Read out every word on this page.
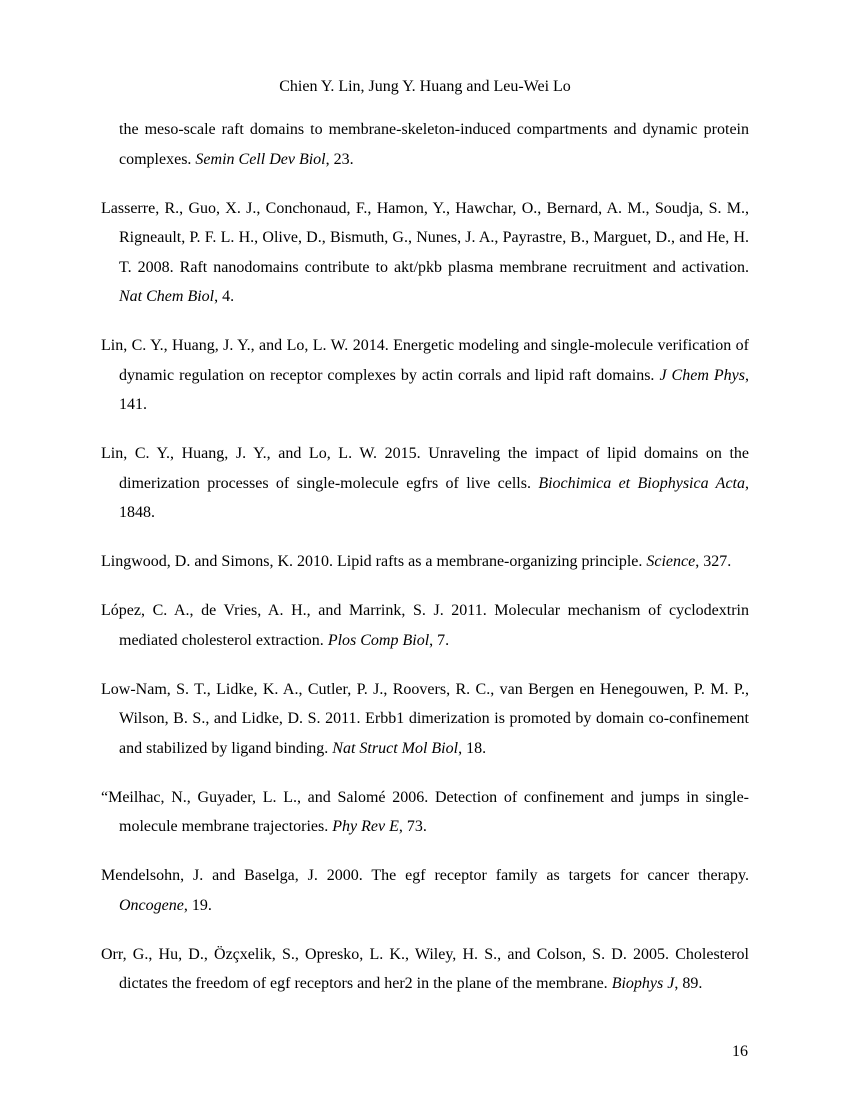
Chien Y. Lin, Jung Y. Huang and Leu-Wei Lo

the meso-scale raft domains to membrane-skeleton-induced compartments and dynamic protein complexes. Semin Cell Dev Biol, 23.

Lasserre, R., Guo, X. J., Conchonaud, F., Hamon, Y., Hawchar, O., Bernard, A. M., Soudja, S. M., Rigneault, P. F. L. H., Olive, D., Bismuth, G., Nunes, J. A., Payrastre, B., Marguet, D., and He, H. T. 2008. Raft nanodomains contribute to akt/pkb plasma membrane recruitment and activation. Nat Chem Biol, 4.

Lin, C. Y., Huang, J. Y., and Lo, L. W. 2014. Energetic modeling and single-molecule verification of dynamic regulation on receptor complexes by actin corrals and lipid raft domains. J Chem Phys, 141.

Lin, C. Y., Huang, J. Y., and Lo, L. W. 2015. Unraveling the impact of lipid domains on the dimerization processes of single-molecule egfrs of live cells. Biochimica et Biophysica Acta, 1848.

Lingwood, D. and Simons, K. 2010. Lipid rafts as a membrane-organizing principle. Science, 327.

López, C. A., de Vries, A. H., and Marrink, S. J. 2011. Molecular mechanism of cyclodextrin mediated cholesterol extraction. Plos Comp Biol, 7.

Low-Nam, S. T., Lidke, K. A., Cutler, P. J., Roovers, R. C., van Bergen en Henegouwen, P. M. P., Wilson, B. S., and Lidke, D. S. 2011. Erbb1 dimerization is promoted by domain co-confinement and stabilized by ligand binding. Nat Struct Mol Biol, 18.

“Meilhac, N., Guyader, L. L., and Salomé 2006. Detection of confinement and jumps in single-molecule membrane trajectories. Phy Rev E, 73.

Mendelsohn, J. and Baselga, J. 2000. The egf receptor family as targets for cancer therapy. Oncogene, 19.

Orr, G., Hu, D., Özçxelik, S., Opresko, L. K., Wiley, H. S., and Colson, S. D. 2005. Cholesterol dictates the freedom of egf receptors and her2 in the plane of the membrane. Biophys J, 89.

16
